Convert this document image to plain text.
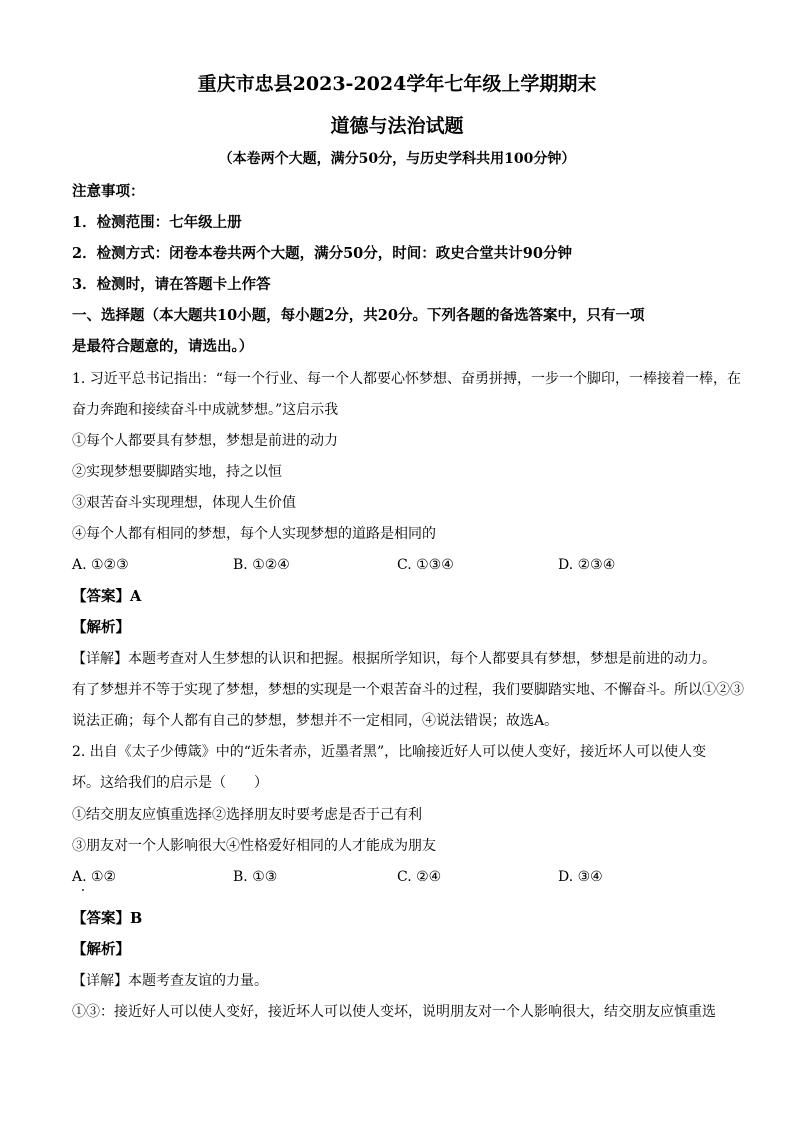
重庆市忠县2023-2024学年七年级上学期期末
道德与法治试题
（本卷两个大题，满分50分，与历史学科共用100分钟）
注意事项：
1．检测范围：七年级上册
2．检测方式：闭卷本卷共两个大题，满分50分，时间：政史合堂共计90分钟
3．检测时，请在答题卡上作答
一、选择题（本大题共10小题，每小题2分，共20分。下列各题的备选答案中，只有一项
是最符合题意的，请选出。）
1. 习近平总书记指出：“每一个行业、每一个人都要心怀梦想、奋勇拼搏，一步一个脚印，一棒接着一棒，在
奋力奔跑和接续奋斗中成就梦想。”这启示我
①每个人都要具有梦想，梦想是前进的动力
②实现梦想要脚踏实地，持之以恒
③艰苦奋斗实现理想，体现人生价值
④每个人都有相同的梦想，每个人实现梦想的道路是相同的
A. ①②③	B. ①②④	C. ①③④	D. ②③④
【答案】A
【解析】
【详解】本题考查对人生梦想的认识和把握。根据所学知识，每个人都要具有梦想，梦想是前进的动力。
有了梦想并不等于实现了梦想，梦想的实现是一个艰苦奋斗的过程，我们要脚踏实地、不懈奋斗。所以①②③
说法正确；每个人都有自己的梦想，梦想并不一定相同，④说法错误；故选A。
2. 出自《太子少傅箴》中的“近朱者赤，近墨者黑”，比喻接近好人可以使人变好，接近坏人可以使人变
坏。这给我们的启示是（　　）
①结交朋友应慎重选择②选择朋友时要考虑是否于己有利
③朋友对一个人影响很大④性格爱好相同的人才能成为朋友
A. ①②	B. ①③	C. ②④	D. ③④
【答案】B
【解析】
【详解】本题考查友谊的力量。
①③：接近好人可以使人变好，接近坏人可以使人变坏，说明朋友对一个人影响很大，结交朋友应慎重选
